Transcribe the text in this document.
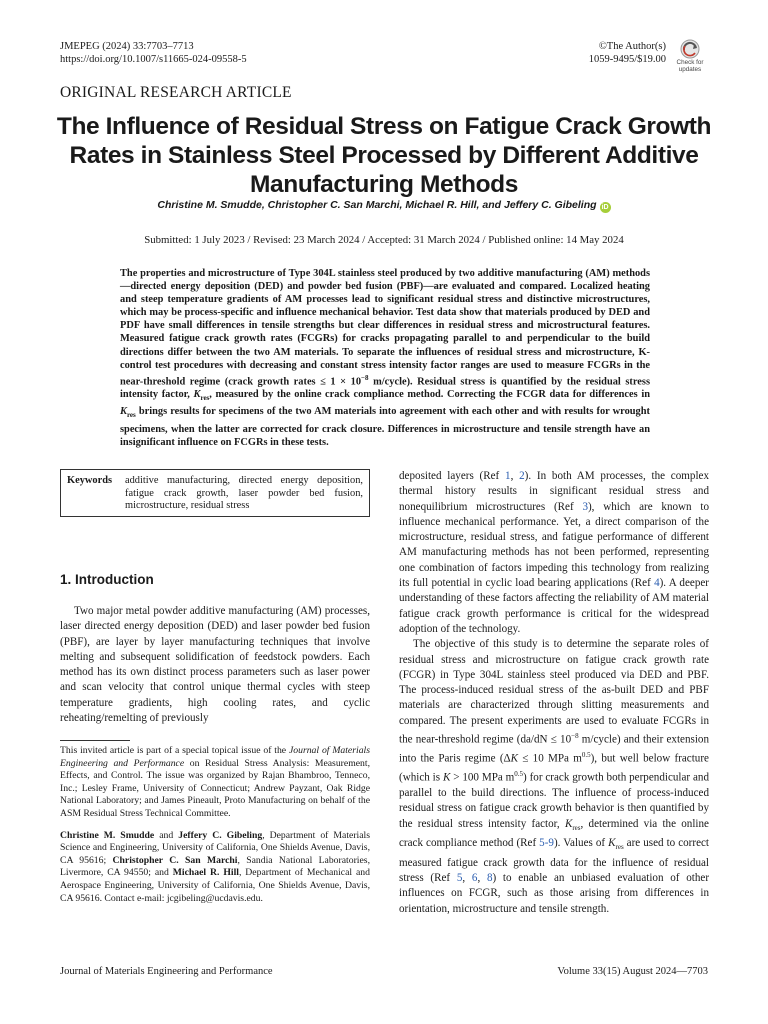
JMEPEG (2024) 33:7703–7713
https://doi.org/10.1007/s11665-024-09558-5
©The Author(s)
1059-9495/$19.00	Check for
updates
ORIGINAL RESEARCH ARTICLE
The Influence of Residual Stress on Fatigue Crack Growth Rates in Stainless Steel Processed by Different Additive Manufacturing Methods
Christine M. Smudde, Christopher C. San Marchi, Michael R. Hill, and Jeffery C. Gibeling iD
Submitted: 1 July 2023 / Revised: 23 March 2024 / Accepted: 31 March 2024 / Published online: 14 May 2024
The properties and microstructure of Type 304L stainless steel produced by two additive manufacturing (AM) methods—directed energy deposition (DED) and powder bed fusion (PBF)—are evaluated and compared. Localized heating and steep temperature gradients of AM processes lead to significant residual stress and distinctive microstructures, which may be process-specific and influence mechanical behavior. Test data show that materials produced by DED and PDF have small differences in tensile strengths but clear differences in residual stress and microstructural features. Measured fatigue crack growth rates (FCGRs) for cracks propagating parallel to and perpendicular to the build directions differ between the two AM materials. To separate the influences of residual stress and microstructure, K-control test procedures with decreasing and constant stress intensity factor ranges are used to measure FCGRs in the near-threshold regime (crack growth rates ≤ $1 \times 10^{-8}$ m/cycle). Residual stress is quantified by the residual stress intensity factor, $K_{res}$, measured by the online crack compliance method. Correcting the FCGR data for differences in $K_{res}$ brings results for specimens of the two AM materials into agreement with each other and with results for wrought specimens, when the latter are corrected for crack closure. Differences in microstructure and tensile strength have an insignificant influence on FCGRs in these tests.
Keywords additive manufacturing, directed energy deposition, fatigue crack growth, laser powder bed fusion, microstructure, residual stress
1. Introduction

Two major metal powder additive manufacturing (AM) processes, laser directed energy deposition (DED) and laser powder bed fusion (PBF), are layer by layer manufacturing techniques that involve melting and subsequent solidification of feedstock powders. Each method has its own distinct process parameters such as laser power and scan velocity that control unique thermal cycles with steep temperature gradients, high cooling rates, and cyclic reheating/remelting of previously

This invited article is part of a special topical issue of the Journal of Materials Engineering and Performance on Residual Stress Analysis: Measurement, Effects, and Control. The issue was organized by Rajan Bhambroo, Tenneco, Inc.; Lesley Frame, University of Connecticut; Andrew Payzant, Oak Ridge National Laboratory; and James Pineault, Proto Manufacturing on behalf of the ASM Residual Stress Technical Committee.

Christine M. Smudde and Jeffery C. Gibeling, Department of Materials Science and Engineering, University of California, One Shields Avenue, Davis, CA 95616; Christopher C. San Marchi, Sandia National Laboratories, Livermore, CA 94550; and Michael R. Hill, Department of Mechanical and Aerospace Engineering, University of California, One Shields Avenue, Davis, CA 95616. Contact e-mail: jcgibeling@ucdavis.edu.

deposited layers (Ref 1, 2). In both AM processes, the complex thermal history results in significant residual stress and nonequilibrium microstructures (Ref 3), which are known to influence mechanical performance. Yet, a direct comparison of the microstructure, residual stress, and fatigue performance of different AM manufacturing methods has not been performed, representing one combination of factors impeding this technology from realizing its full potential in cyclic load bearing applications (Ref 4). A deeper understanding of these factors affecting the reliability of AM material fatigue crack growth performance is critical for the widespread adoption of the technology.

The objective of this study is to determine the separate roles of residual stress and microstructure on fatigue crack growth rate (FCGR) in Type 304L stainless steel produced via DED and PBF. The process-induced residual stress of the as-built DED and PBF materials are characterized through slitting measurements and compared. The present experiments are used to evaluate FCGRs in the near-threshold regime ($da/dN \le 10^{-8}$ m/cycle) and their extension into the Paris regime (ΔK ≤ 10 MPa $m^{0.5}$), but well below fracture (which is K > 100 MPa $m^{0.5}$) for crack growth both perpendicular and parallel to the build directions. The influence of process-induced residual stress on fatigue crack growth behavior is then quantified by the residual stress intensity factor, $K_{res}$, determined via the online crack compliance method (Ref 5-9). Values of $K_{res}$ are used to correct measured fatigue crack growth data for the influence of residual stress (Ref 5, 6, 8) to enable an unbiased evaluation of other influences on FCGR, such as those arising from differences in orientation, microstructure and tensile strength.

Journal of Materials Engineering and Performance	Volume 33(15) August 2024—7703
